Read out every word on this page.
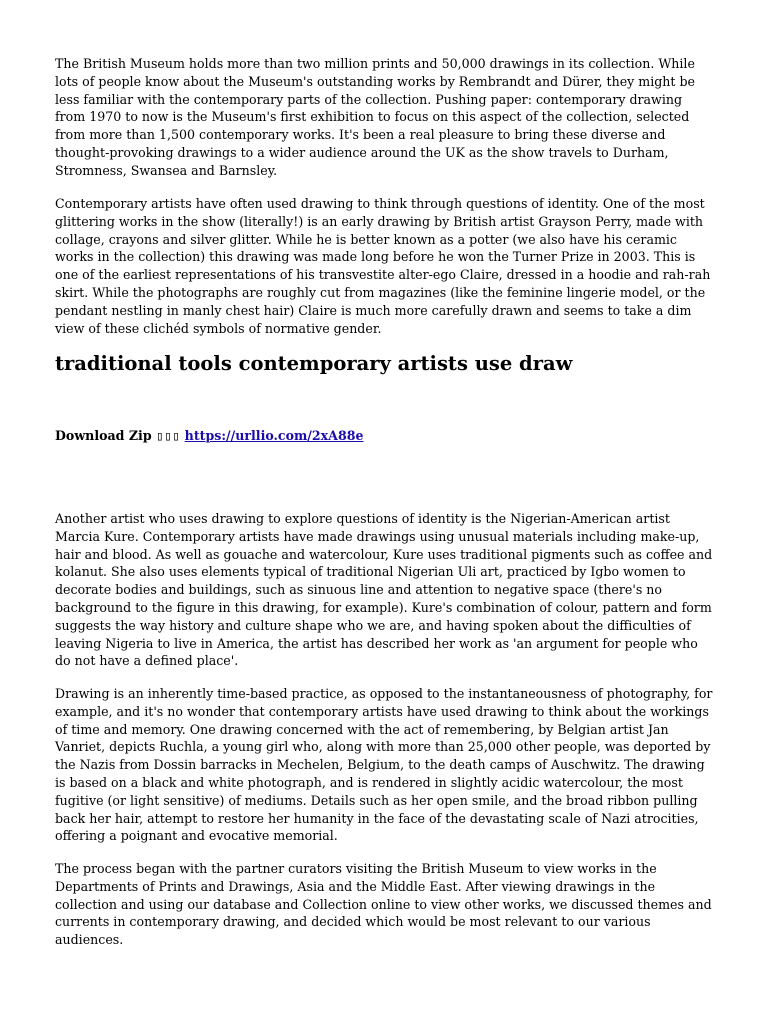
The British Museum holds more than two million prints and 50,000 drawings in its collection. While lots of people know about the Museum's outstanding works by Rembrandt and Dürer, they might be less familiar with the contemporary parts of the collection. Pushing paper: contemporary drawing from 1970 to now is the Museum's first exhibition to focus on this aspect of the collection, selected from more than 1,500 contemporary works. It's been a real pleasure to bring these diverse and thought-provoking drawings to a wider audience around the UK as the show travels to Durham, Stromness, Swansea and Barnsley.

Contemporary artists have often used drawing to think through questions of identity. One of the most glittering works in the show (literally!) is an early drawing by British artist Grayson Perry, made with collage, crayons and silver glitter. While he is better known as a potter (we also have his ceramic works in the collection) this drawing was made long before he won the Turner Prize in 2003. This is one of the earliest representations of his transvestite alter-ego Claire, dressed in a hoodie and rah-rah skirt. While the photographs are roughly cut from magazines (like the feminine lingerie model, or the pendant nestling in manly chest hair) Claire is much more carefully drawn and seems to take a dim view of these clichéd symbols of normative gender.

traditional tools contemporary artists use draw
Download Zip ▯▯▯ https://urllio.com/2xA88e

Another artist who uses drawing to explore questions of identity is the Nigerian-American artist Marcia Kure. Contemporary artists have made drawings using unusual materials including make-up, hair and blood. As well as gouache and watercolour, Kure uses traditional pigments such as coffee and kolanut. She also uses elements typical of traditional Nigerian Uli art, practiced by Igbo women to decorate bodies and buildings, such as sinuous line and attention to negative space (there's no background to the figure in this drawing, for example). Kure's combination of colour, pattern and form suggests the way history and culture shape who we are, and having spoken about the difficulties of leaving Nigeria to live in America, the artist has described her work as 'an argument for people who do not have a defined place'.

Drawing is an inherently time-based practice, as opposed to the instantaneousness of photography, for example, and it's no wonder that contemporary artists have used drawing to think about the workings of time and memory. One drawing concerned with the act of remembering, by Belgian artist Jan Vanriet, depicts Ruchla, a young girl who, along with more than 25,000 other people, was deported by the Nazis from Dossin barracks in Mechelen, Belgium, to the death camps of Auschwitz. The drawing is based on a black and white photograph, and is rendered in slightly acidic watercolour, the most fugitive (or light sensitive) of mediums. Details such as her open smile, and the broad ribbon pulling back her hair, attempt to restore her humanity in the face of the devastating scale of Nazi atrocities, offering a poignant and evocative memorial.

The process began with the partner curators visiting the British Museum to view works in the Departments of Prints and Drawings, Asia and the Middle East. After viewing drawings in the collection and using our database and Collection online to view other works, we discussed themes and currents in contemporary drawing, and decided which would be most relevant to our various audiences.
